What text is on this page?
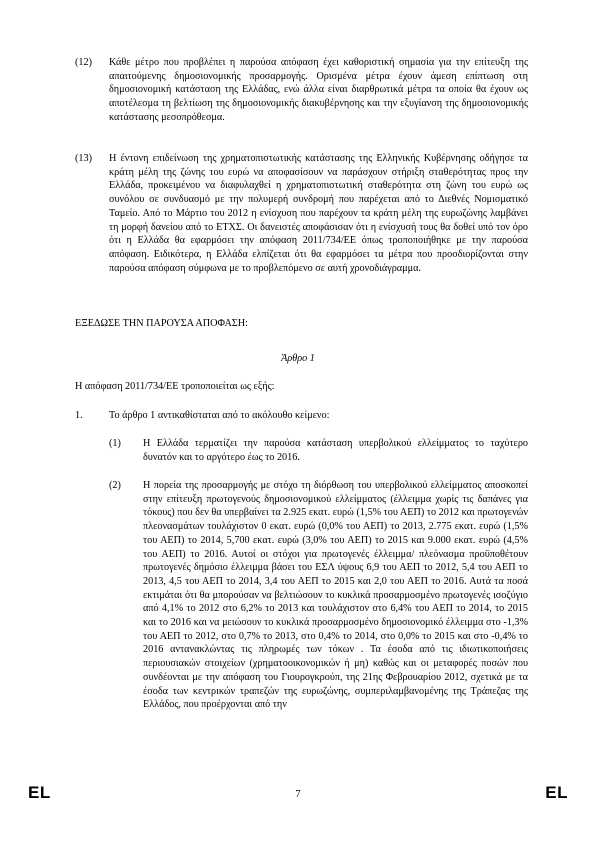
(12) Κάθε μέτρο που προβλέπει η παρούσα απόφαση έχει καθοριστική σημασία για την επίτευξη της απαιτούμενης δημοσιονομικής προσαρμογής. Ορισμένα μέτρα έχουν άμεση επίπτωση στη δημοσιονομική κατάσταση της Ελλάδας, ενώ άλλα είναι διαρθρωτικά μέτρα τα οποία θα έχουν ως αποτέλεσμα τη βελτίωση της δημοσιονομικής διακυβέρνησης και την εξυγίανση της δημοσιονομικής κατάστασης μεσοπρόθεσμα.
(13) Η έντονη επιδείνωση της χρηματοπιστωτικής κατάστασης της Ελληνικής Κυβέρνησης οδήγησε τα κράτη μέλη της ζώνης του ευρώ να αποφασίσουν να παράσχουν στήριξη σταθερότητας προς την Ελλάδα, προκειμένου να διαφυλαχθεί η χρηματοπιστωτική σταθερότητα στη ζώνη του ευρώ ως συνόλου σε συνδυασμό με την πολυμερή συνδρομή που παρέχεται από το Διεθνές Νομισματικό Ταμείο. Από το Μάρτιο του 2012 η ενίσχυση που παρέχουν τα κράτη μέλη της ευρωζώνης λαμβάνει τη μορφή δανείου από το ΕΤΧΣ. Οι δανειστές αποφάσισαν ότι η ενίσχυσή τους θα δοθεί υπό τον όρο ότι η Ελλάδα θα εφαρμόσει την απόφαση 2011/734/ΕΕ όπως τροποποιήθηκε με την παρούσα απόφαση. Ειδικότερα, η Ελλάδα ελπίζεται ότι θα εφαρμόσει τα μέτρα που προσδιορίζονται στην παρούσα απόφαση σύμφωνα με το προβλεπόμενο σε αυτή χρονοδιάγραμμα.
ΕΞΕΔΩΣΕ ΤΗΝ ΠΑΡΟΥΣΑ ΑΠΟΦΑΣΗ:
Άρθρο 1
Η απόφαση 2011/734/ΕΕ τροποποιείται ως εξής:
1.	Το άρθρο 1 αντικαθίσταται από το ακόλουθο κείμενο:
(1) Η Ελλάδα τερματίζει την παρούσα κατάσταση υπερβολικού ελλείμματος το ταχύτερο δυνατόν και το αργότερο έως το 2016.
(2) Η πορεία της προσαρμογής με στόχο τη διόρθωση του υπερβολικού ελλείμματος αποσκοπεί στην επίτευξη πρωτογενούς δημοσιονομικού ελλείμματος (έλλειμμα χωρίς τις δαπάνες για τόκους) που δεν θα υπερβαίνει τα 2.925 εκατ. ευρώ (1,5% του ΑΕΠ) το 2012 και πρωτογενών πλεονασμάτων τουλάχιστον 0 εκατ. ευρώ (0,0% του ΑΕΠ) το 2013, 2.775 εκατ. ευρώ (1,5% του ΑΕΠ) το 2014, 5,700 εκατ. ευρώ (3,0% του ΑΕΠ) το 2015 και 9.000 εκατ. ευρώ (4,5% του ΑΕΠ) το 2016. Αυτοί οι στόχοι για πρωτογενές έλλειμμα/ πλεόνασμα προϋποθέτουν πρωτογενές δημόσιο έλλειμμα βάσει του ΕΣΛ ύψους 6,9 του ΑΕΠ το 2012, 5,4 του ΑΕΠ το 2013, 4,5 του ΑΕΠ το 2014, 3,4 του ΑΕΠ το 2015 και 2,0 του ΑΕΠ το 2016. Αυτά τα ποσά εκτιμάται ότι θα μπορούσαν να βελτιώσουν το κυκλικά προσαρμοσμένο πρωτογενές ισοζύγιο από 4,1% το 2012 στο 6,2% το 2013 και τουλάχιστον στο 6,4% του ΑΕΠ το 2014, το 2015 και το 2016 και να μειώσουν το κυκλικά προσαρμοσμένο δημοσιονομικό έλλειμμα στο -1,3% του ΑΕΠ το 2012, στο 0,7% το 2013, στο 0,4% το 2014, στο 0,0% το 2015 και στο -0,4% το 2016 αντανακλώντας τις πληρωμές των τόκων . Τα έσοδα από τις ιδιωτικοποιήσεις περιουσιακών στοιχείων (χρηματοοικονομικών ή μη) καθώς και οι μεταφορές ποσών που συνδέονται με την απόφαση του Γιουρογκρούπ, της 21ης Φεβρουαρίου 2012, σχετικά με τα έσοδα των κεντρικών τραπεζών της ευρωζώνης, συμπεριλαμβανομένης της Τράπεζας της Ελλάδος, που προέρχονται από την
EL	7	EL
